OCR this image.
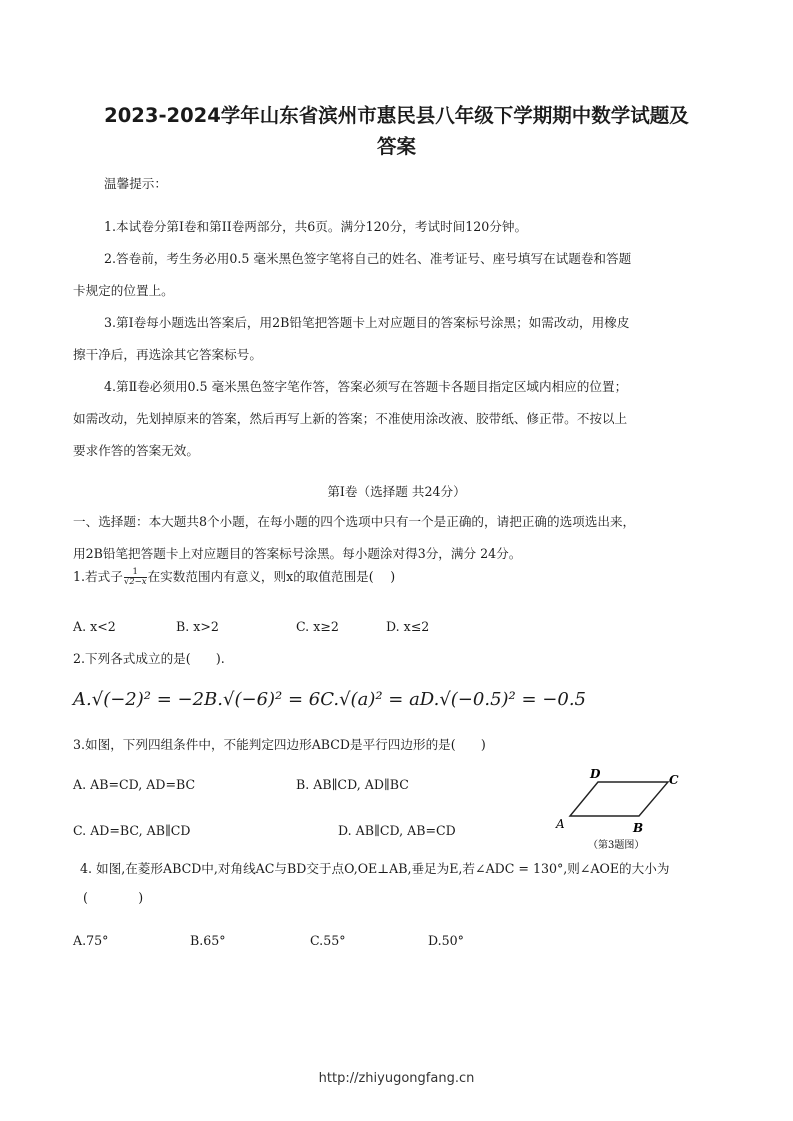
2023-2024学年山东省滨州市惠民县八年级下学期期中数学试题及
答案
温馨提示：
1.本试卷分第Ⅰ卷和第II卷两部分，共6页。满分120分，考试时间120分钟。
2.答卷前，考生务必用0.5 毫米黑色签字笔将自己的姓名、准考证号、座号填写在试题卷和答题
卡规定的位置上。
3.第Ⅰ卷每小题选出答案后，用2B铅笔把答题卡上对应题目的答案标号涂黑；如需改动，用橡皮
擦干净后，再选涂其它答案标号。
4.第Ⅱ卷必须用0.5 毫米黑色签字笔作答，答案必须写在答题卡各题目指定区域内相应的位置；
如需改动，先划掉原来的答案，然后再写上新的答案；不准使用涂改液、胶带纸、修正带。不按以上
要求作答的答案无效。
第Ⅰ卷（选择题 共24分）
一、选择题：本大题共8个小题，在每小题的四个选项中只有一个是正确的，请把正确的选项选出来，
用2B铅笔把答题卡上对应题目的答案标号涂黑。每小题涂对得3分，满分 24分。
1.若式子 $\frac{1}{√2-x}$ 在实数范围内有意义，则x的取值范围是(　 )
A. x<2	B. x>2	C. x≥2	D. x≤2
2.下列各式成立的是(　　).
A.√(−2)² = −2B.√(−6)² = 6C.√(a)² = aD.√(−0.5)² = −0.5
3.如图，下列四组条件中，不能判定四边形ABCD是平行四边形的是(　　)
A. AB=CD, AD=BC	B. AB∥CD, AD∥BC
C. AD=BC, AB∥CD	D. AB∥CD, AB=CD
D	C
A	B
（第3题图）
4. 如图,在菱形ABCD中,对角线AC与BD交于点O,OE⊥AB,垂足为E,若∠ADC = 130°,则∠AOE的大小为
(　　　　)
A.75°	B.65°	C.55°	D.50°
http://zhiyugongfang.cn
